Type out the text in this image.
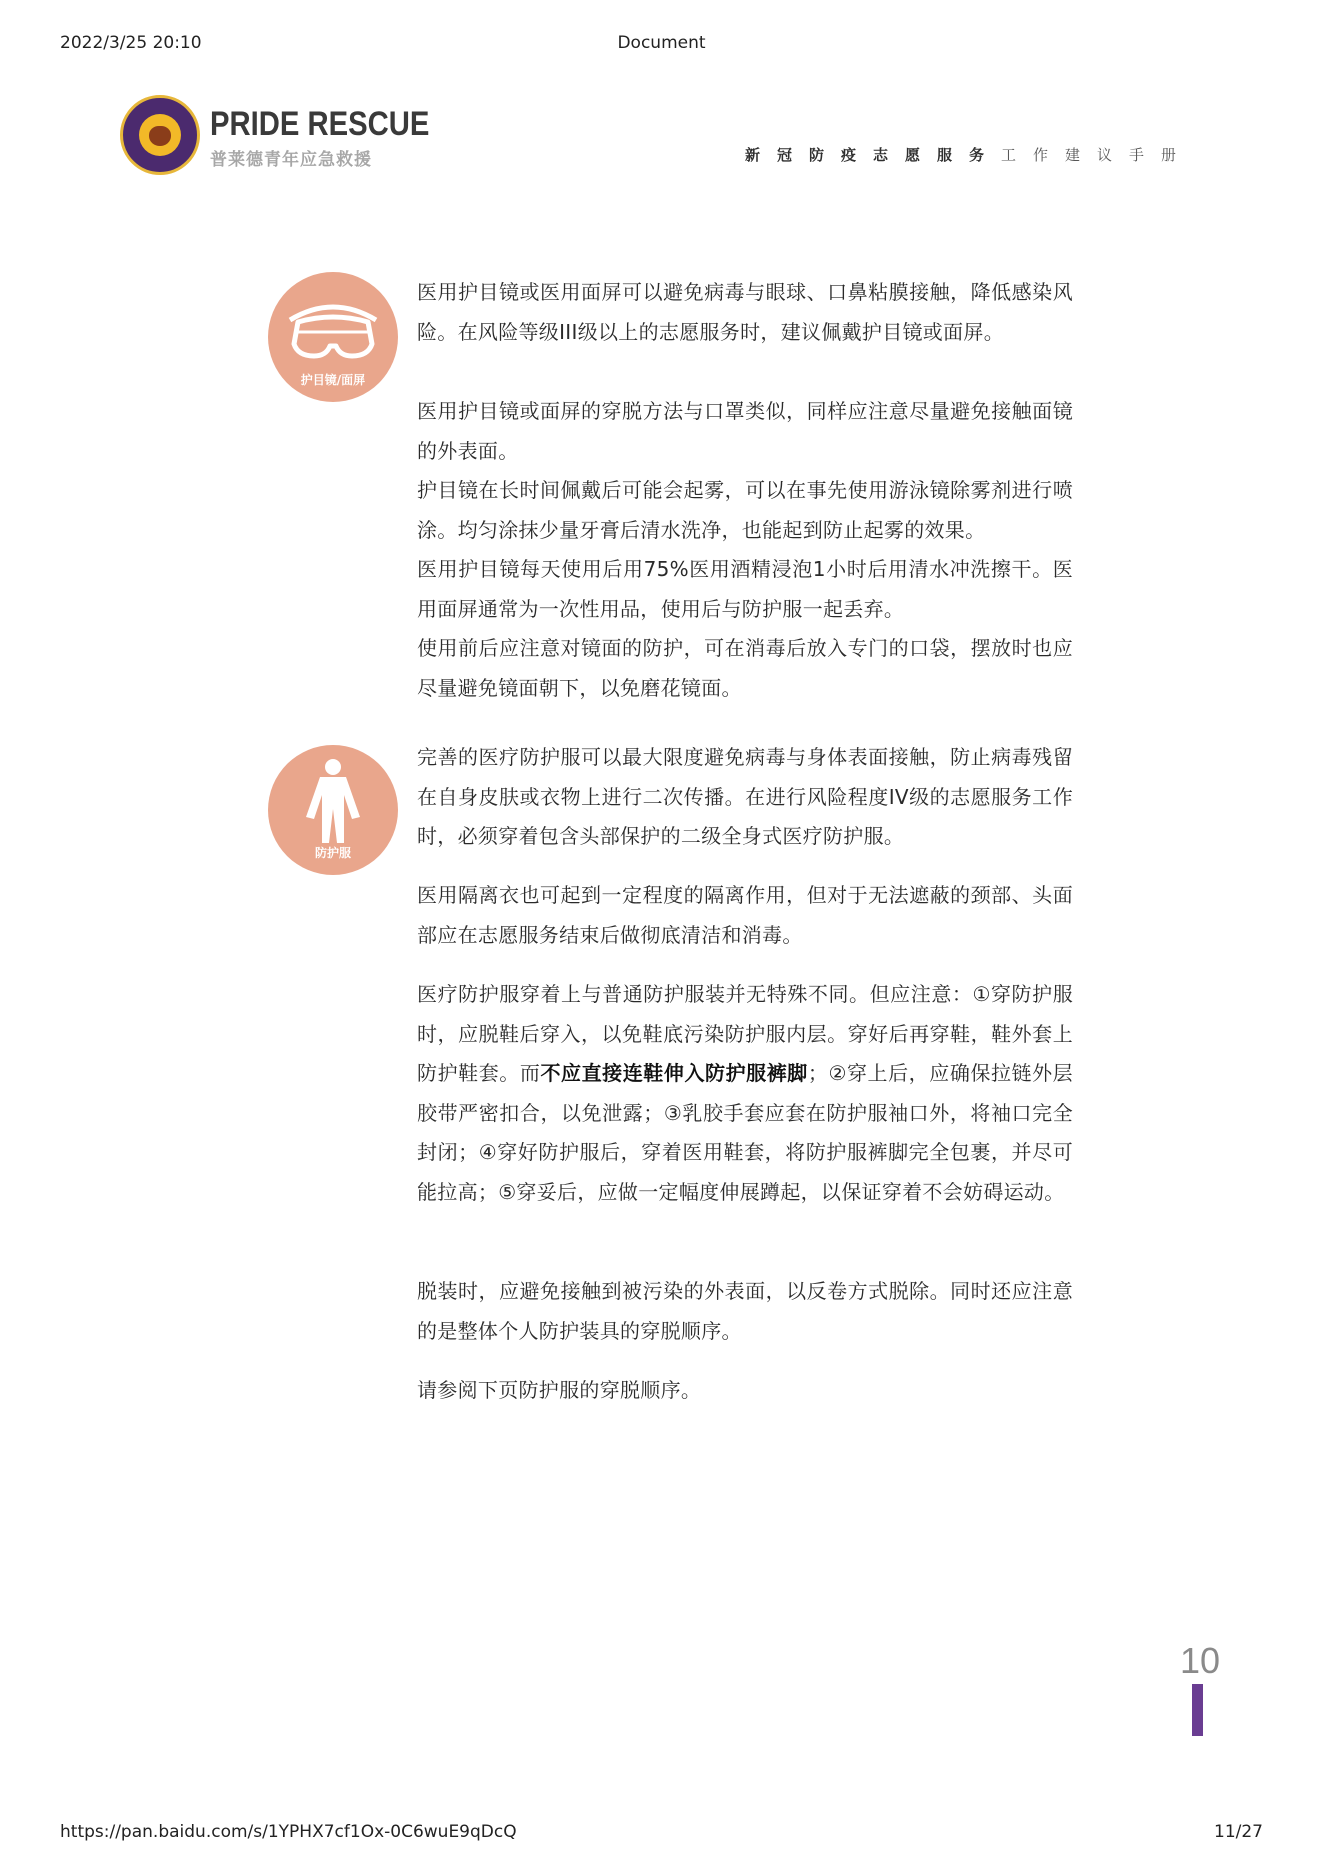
2022/3/25 20:10	Document
https://pan.baidu.com/s/1YPHX7cf1Ox-0C6wuE9qDcQ	11/27
PRIDE RESCUE
普莱德青年应急救援	新冠防疫志愿服务工作建议手册
护目镜/面屏

医用护目镜或医用面屏可以避免病毒与眼球、口鼻粘膜接触，降低感染风险。在风险等级III级以上的志愿服务时，建议佩戴护目镜或面屏。

医用护目镜或面屏的穿脱方法与口罩类似，同样应注意尽量避免接触面镜的外表面。

护目镜在长时间佩戴后可能会起雾，可以在事先使用游泳镜除雾剂进行喷涂。均匀涂抹少量牙膏后清水洗净，也能起到防止起雾的效果。

医用护目镜每天使用后用75%医用酒精浸泡1小时后用清水冲洗擦干。医用面屏通常为一次性用品，使用后与防护服一起丢弃。

使用前后应注意对镜面的防护，可在消毒后放入专门的口袋，摆放时也应尽量避免镜面朝下，以免磨花镜面。

防护服

完善的医疗防护服可以最大限度避免病毒与身体表面接触，防止病毒残留在自身皮肤或衣物上进行二次传播。在进行风险程度IV级的志愿服务工作时，必须穿着包含头部保护的二级全身式医疗防护服。

医用隔离衣也可起到一定程度的隔离作用，但对于无法遮蔽的颈部、头面部应在志愿服务结束后做彻底清洁和消毒。

医疗防护服穿着上与普通防护服装并无特殊不同。但应注意：①穿防护服时，应脱鞋后穿入，以免鞋底污染防护服内层。穿好后再穿鞋，鞋外套上防护鞋套。而不应直接连鞋伸入防护服裤脚；②穿上后，应确保拉链外层胶带严密扣合，以免泄露；③乳胶手套应套在防护服袖口外，将袖口完全封闭；④穿好防护服后，穿着医用鞋套，将防护服裤脚完全包裹，并尽可能拉高；⑤穿妥后，应做一定幅度伸展蹲起，以保证穿着不会妨碍运动。

脱装时，应避免接触到被污染的外表面，以反卷方式脱除。同时还应注意的是整体个人防护装具的穿脱顺序。

请参阅下页防护服的穿脱顺序。

10
